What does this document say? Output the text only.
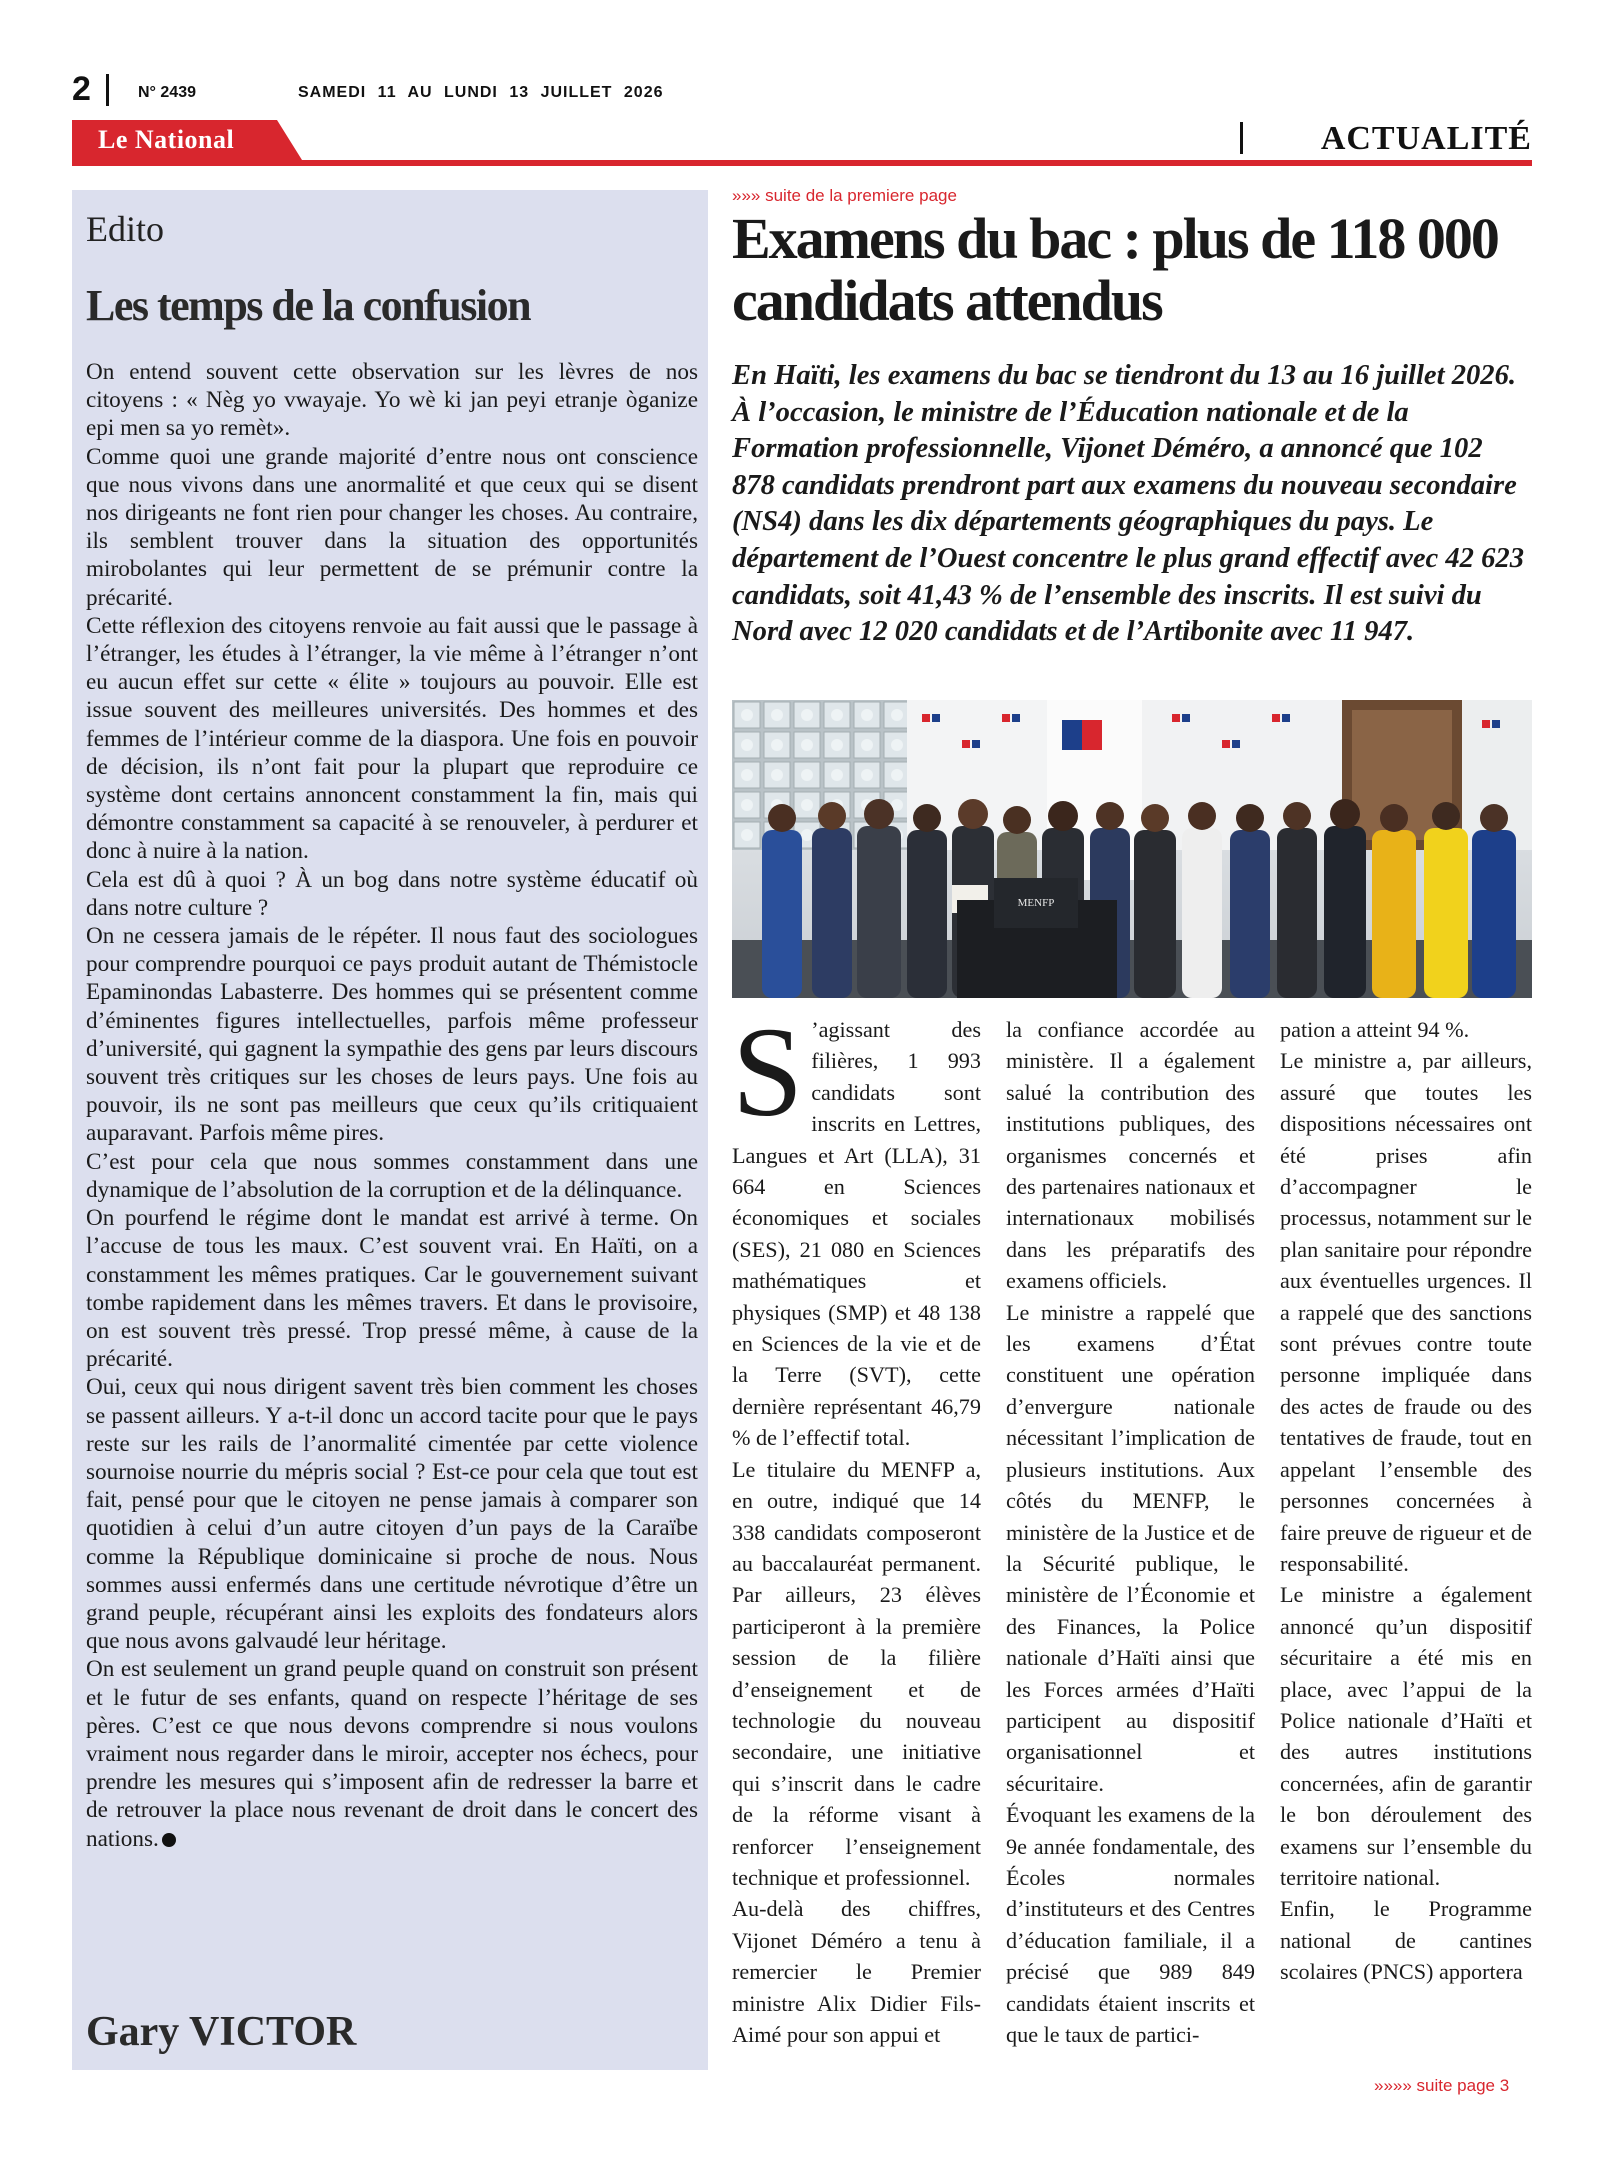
2	N° 2439	SAMEDI 11 AU LUNDI 13 JUILLET 2026
Le National	ACTUALITÉ
Edito
Les temps de la confusion

On entend souvent cette observation sur les lèvres de nos citoyens : « Nèg yo vwayaje. Yo wè ki jan peyi etranje òganize epi men sa yo remèt».

Comme quoi une grande majorité d’entre nous ont conscience que nous vivons dans une anormalité et que ceux qui se disent nos dirigeants ne font rien pour changer les choses. Au contraire, ils semblent trouver dans la situation des opportunités mirobolantes qui leur permettent de se prémunir contre la précarité.

Cette réflexion des citoyens renvoie au fait aussi que le passage à l’étranger, les études à l’étranger, la vie même à l’étranger n’ont eu aucun effet sur cette « élite » toujours au pouvoir. Elle est issue souvent des meilleures universités. Des hommes et des femmes de l’intérieur comme de la diaspora. Une fois en pouvoir de décision, ils n’ont fait pour la plupart que reproduire ce système dont certains annoncent constamment la fin, mais qui démontre constamment sa capacité à se renouveler, à perdurer et donc à nuire à la nation.

Cela est dû à quoi ? À un bog dans notre système éducatif où dans notre culture ?

On ne cessera jamais de le répéter. Il nous faut des sociologues pour comprendre pourquoi ce pays produit autant de Thémistocle Epaminondas Labasterre. Des hommes qui se présentent comme d’éminentes figures intellectuelles, parfois même professeur d’université, qui gagnent la sympathie des gens par leurs discours souvent très critiques sur les choses de leurs pays. Une fois au pouvoir, ils ne sont pas meilleurs que ceux qu’ils critiquaient auparavant. Parfois même pires.

C’est pour cela que nous sommes constamment dans une dynamique de l’absolution de la corruption et de la délinquance.

On pourfend le régime dont le mandat est arrivé à terme. On l’accuse de tous les maux. C’est souvent vrai. En Haïti, on a constamment les mêmes pratiques. Car le gouvernement suivant tombe rapidement dans les mêmes travers. Et dans le provisoire, on est souvent très pressé. Trop pressé même, à cause de la précarité.

Oui, ceux qui nous dirigent savent très bien comment les choses se passent ailleurs. Y a-t-il donc un accord tacite pour que le pays reste sur les rails de l’anormalité cimentée par cette violence sournoise nourrie du mépris social ? Est-ce pour cela que tout est fait, pensé pour que le citoyen ne pense jamais à comparer son quotidien à celui d’un autre citoyen d’un pays de la Caraïbe comme la République dominicaine si proche de nous. Nous sommes aussi enfermés dans une certitude névrotique d’être un grand peuple, récupérant ainsi les exploits des fondateurs alors que nous avons galvaudé leur héritage.

On est seulement un grand peuple quand on construit son présent et le futur de ses enfants, quand on respecte l’héritage de ses pères. C’est ce que nous devons comprendre si nous voulons vraiment nous regarder dans le miroir, accepter nos échecs, pour prendre les mesures qui s’imposent afin de redresser la barre et de retrouver la place nous revenant de droit dans le concert des nations.

Gary VICTOR
»»» suite de la premiere page
Examens du bac : plus de 118 000 candidats attendus

En Haïti, les examens du bac se tiendront du 13 au 16 juillet 2026. À l’occasion, le ministre de l’Éducation nationale et de la Formation professionnelle, Vijonet Déméro, a annoncé que 102 878 candidats prendront part aux examens du nouveau secondaire (NS4) dans les dix départements géographiques du pays. Le département de l’Ouest concentre le plus grand effectif avec 42 623 candidats, soit 41,43 % de l’ensemble des inscrits. Il est suivi du Nord avec 12 020 candidats et de l’Artibonite avec 11 947.

MENFP

S ’agissant des filières, 1 993 candidats sont inscrits en Lettres, Langues et Art (LLA), 31 664 en Sciences économiques et sociales (SES), 21 080 en Sciences mathématiques et physiques (SMP) et 48 138 en Sciences de la vie et de la Terre (SVT), cette dernière représentant 46,79 % de l’effectif total.

Le titulaire du MENFP a, en outre, indiqué que 14 338 candidats composeront au baccalauréat permanent. Par ailleurs, 23 élèves participeront à la première session de la filière d’enseignement et de technologie du nouveau secondaire, une initiative qui s’inscrit dans le cadre de la réforme visant à renforcer l’enseignement technique et professionnel.

Au-delà des chiffres, Vijonet Déméro a tenu à remercier le Premier ministre Alix Didier Fils-Aimé pour son appui et

la confiance accordée au ministère. Il a également salué la contribution des institutions publiques, des organismes concernés et des partenaires nationaux et internationaux mobilisés dans les préparatifs des examens officiels.

Le ministre a rappelé que les examens d’État constituent une opération d’envergure nationale nécessitant l’implication de plusieurs institutions. Aux côtés du MENFP, le ministère de la Justice et de la Sécurité publique, le ministère de l’Économie et des Finances, la Police nationale d’Haïti ainsi que les Forces armées d’Haïti participent au dispositif organisationnel et sécuritaire.

Évoquant les examens de la 9e année fondamentale, des Écoles normales d’instituteurs et des Centres d’éducation familiale, il a précisé que 989 849 candidats étaient inscrits et que le taux de partici-

pation a atteint 94 %.

Le ministre a, par ailleurs, assuré que toutes les dispositions nécessaires ont été prises afin d’accompagner le processus, notamment sur le plan sanitaire pour répondre aux éventuelles urgences. Il a rappelé que des sanctions sont prévues contre toute personne impliquée dans des actes de fraude ou des tentatives de fraude, tout en appelant l’ensemble des personnes concernées à faire preuve de rigueur et de responsabilité.

Le ministre a également annoncé qu’un dispositif sécuritaire a été mis en place, avec l’appui de la Police nationale d’Haïti et des autres institutions concernées, afin de garantir le bon déroulement des examens sur l’ensemble du territoire national.

Enfin, le Programme national de cantines scolaires (PNCS) apportera

»»»» suite page 3
